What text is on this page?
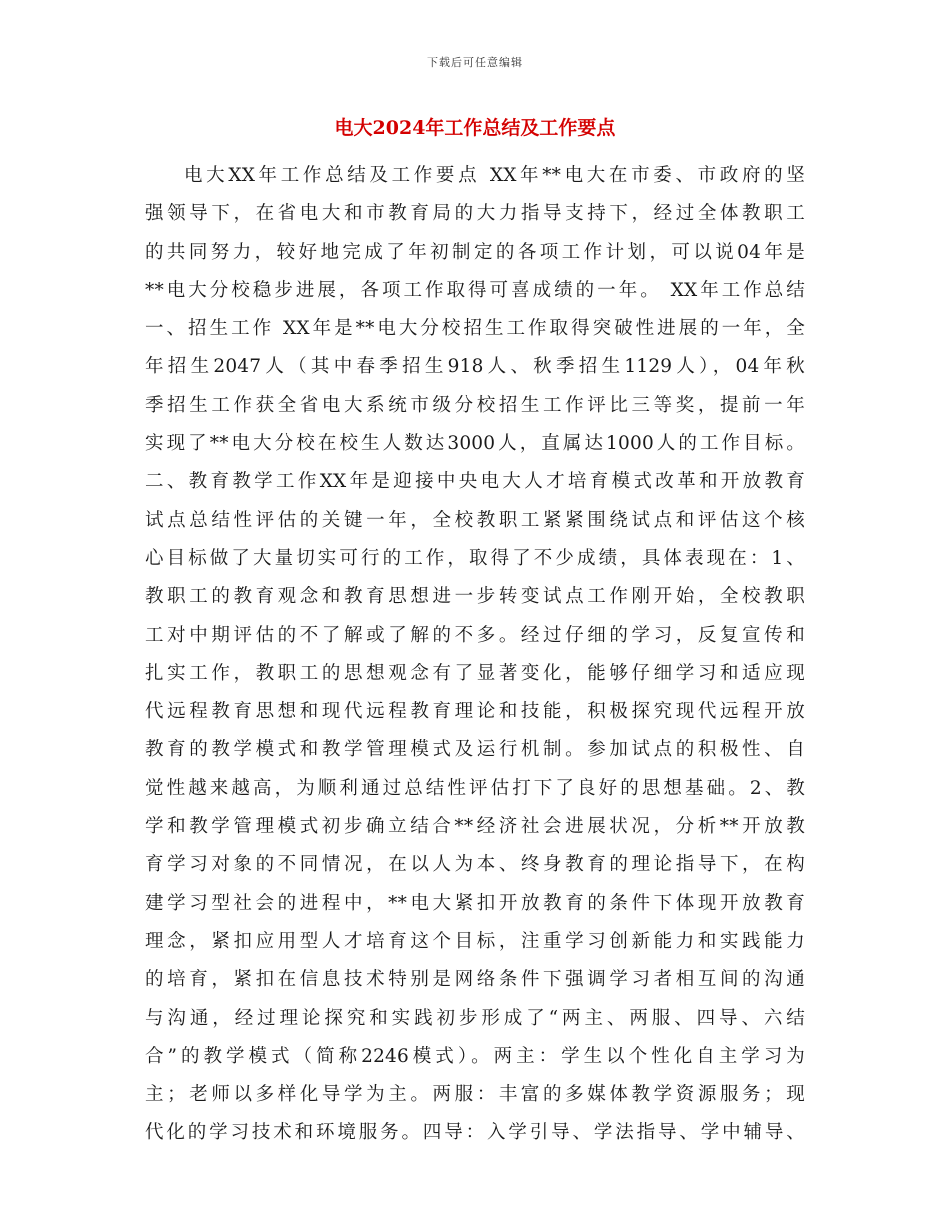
下载后可任意编辑
电大2024年工作总结及工作要点
电大XX年工作总结及工作要点 XX年**电大在市委、市政府的坚
强领导下，在省电大和市教育局的大力指导支持下，经过全体教职工
的共同努力，较好地完成了年初制定的各项工作计划，可以说04年是
**电大分校稳步进展，各项工作取得可喜成绩的一年。 XX年工作总结
一、招生工作 XX年是**电大分校招生工作取得突破性进展的一年，全
年招生2047人（其中春季招生918人、秋季招生1129人），04年秋
季招生工作获全省电大系统市级分校招生工作评比三等奖，提前一年
实现了**电大分校在校生人数达3000人，直属达1000人的工作目标。
二、教育教学工作XX年是迎接中央电大人才培育模式改革和开放教育
试点总结性评估的关键一年，全校教职工紧紧围绕试点和评估这个核
心目标做了大量切实可行的工作，取得了不少成绩，具体表现在：1、
教职工的教育观念和教育思想进一步转变试点工作刚开始，全校教职
工对中期评估的不了解或了解的不多。经过仔细的学习，反复宣传和
扎实工作，教职工的思想观念有了显著变化，能够仔细学习和适应现
代远程教育思想和现代远程教育理论和技能，积极探究现代远程开放
教育的教学模式和教学管理模式及运行机制。参加试点的积极性、自
觉性越来越高，为顺利通过总结性评估打下了良好的思想基础。2、教
学和教学管理模式初步确立结合**经济社会进展状况，分析**开放教
育学习对象的不同情况，在以人为本、终身教育的理论指导下，在构
建学习型社会的进程中，**电大紧扣开放教育的条件下体现开放教育
理念，紧扣应用型人才培育这个目标，注重学习创新能力和实践能力
的培育，紧扣在信息技术特别是网络条件下强调学习者相互间的沟通
与沟通，经过理论探究和实践初步形成了“两主、两服、四导、六结
合”的教学模式（简称2246模式）。两主：学生以个性化自主学习为
主；老师以多样化导学为主。两服：丰富的多媒体教学资源服务；现
代化的学习技术和环境服务。四导：入学引导、学法指导、学中辅导、
